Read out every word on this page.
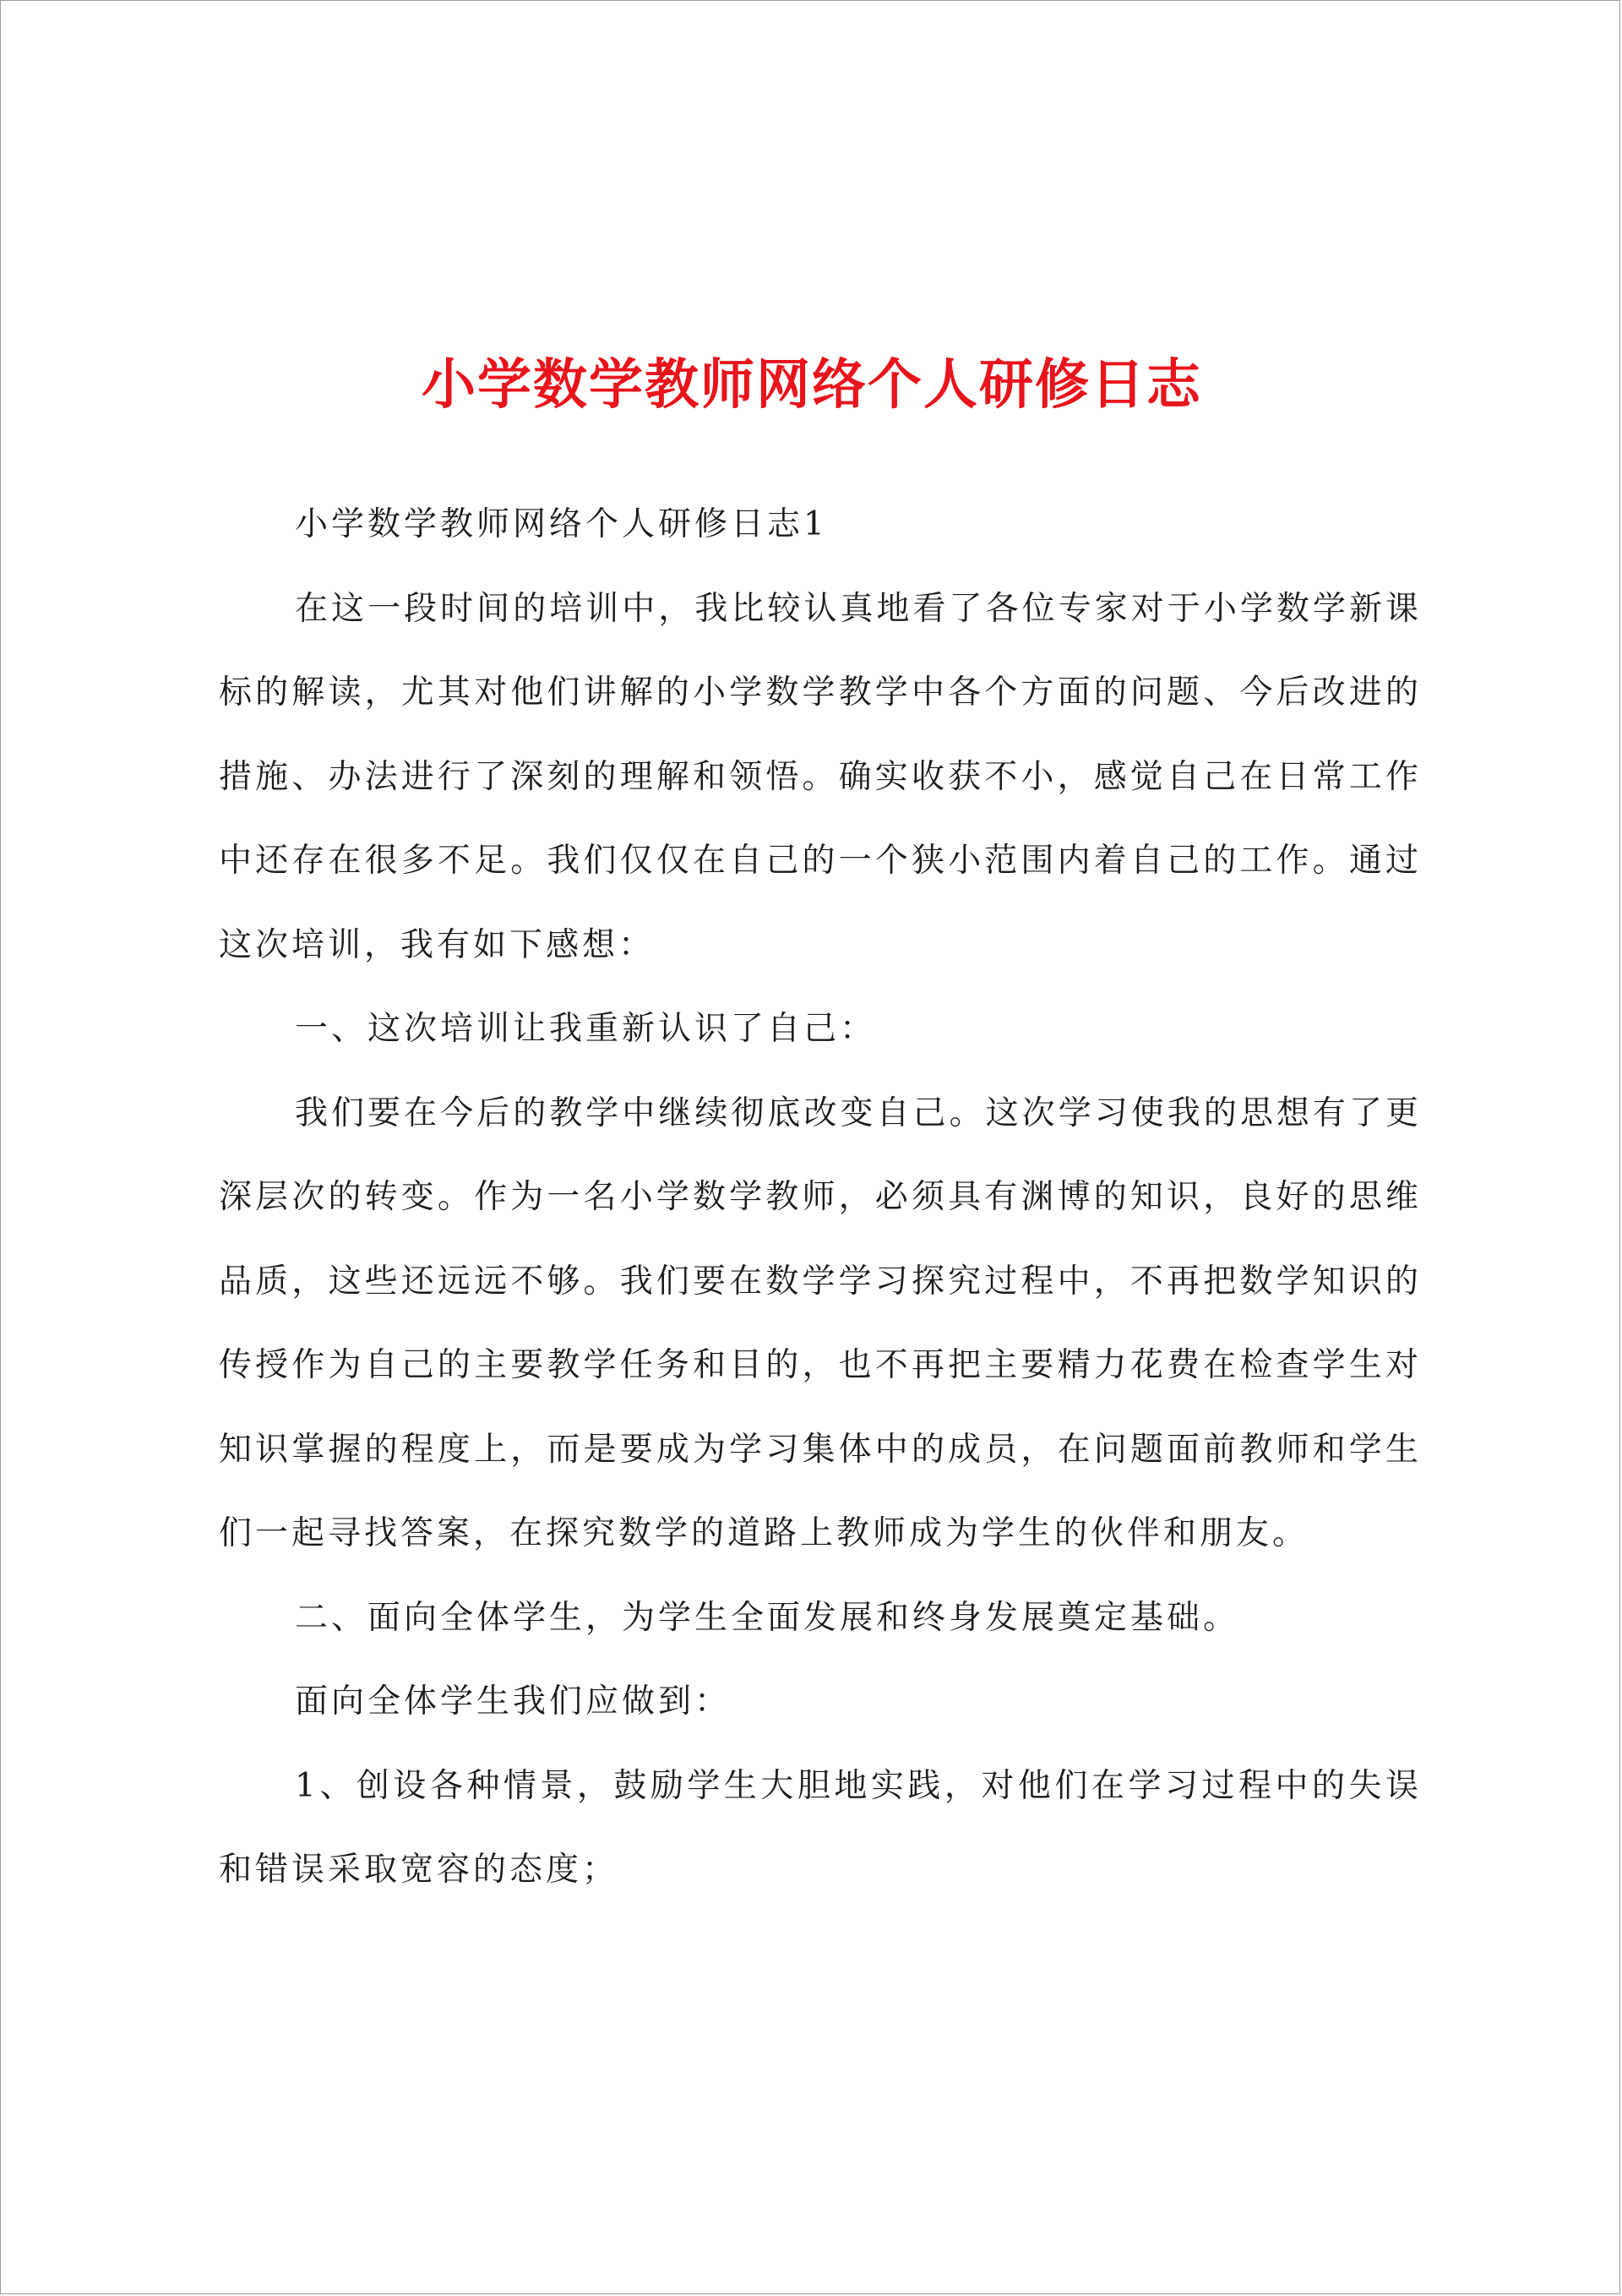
小学数学教师网络个人研修日志

小学数学教师网络个人研修日志1

在这一段时间的培训中，我比较认真地看了各位专家对于小学数学新课标的解读，尤其对他们讲解的小学数学教学中各个方面的问题、今后改进的措施、办法进行了深刻的理解和领悟。确实收获不小，感觉自己在日常工作中还存在很多不足。我们仅仅在自己的一个狭小范围内着自己的工作。通过这次培训，我有如下感想：

一、这次培训让我重新认识了自己：

我们要在今后的教学中继续彻底改变自己。这次学习使我的思想有了更深层次的转变。作为一名小学数学教师，必须具有渊博的知识，良好的思维品质，这些还远远不够。我们要在数学学习探究过程中，不再把数学知识的传授作为自己的主要教学任务和目的，也不再把主要精力花费在检查学生对知识掌握的程度上，而是要成为学习集体中的成员，在问题面前教师和学生们一起寻找答案，在探究数学的道路上教师成为学生的伙伴和朋友。

二、面向全体学生，为学生全面发展和终身发展奠定基础。

面向全体学生我们应做到：

1、创设各种情景，鼓励学生大胆地实践，对他们在学习过程中的失误和错误采取宽容的态度；
